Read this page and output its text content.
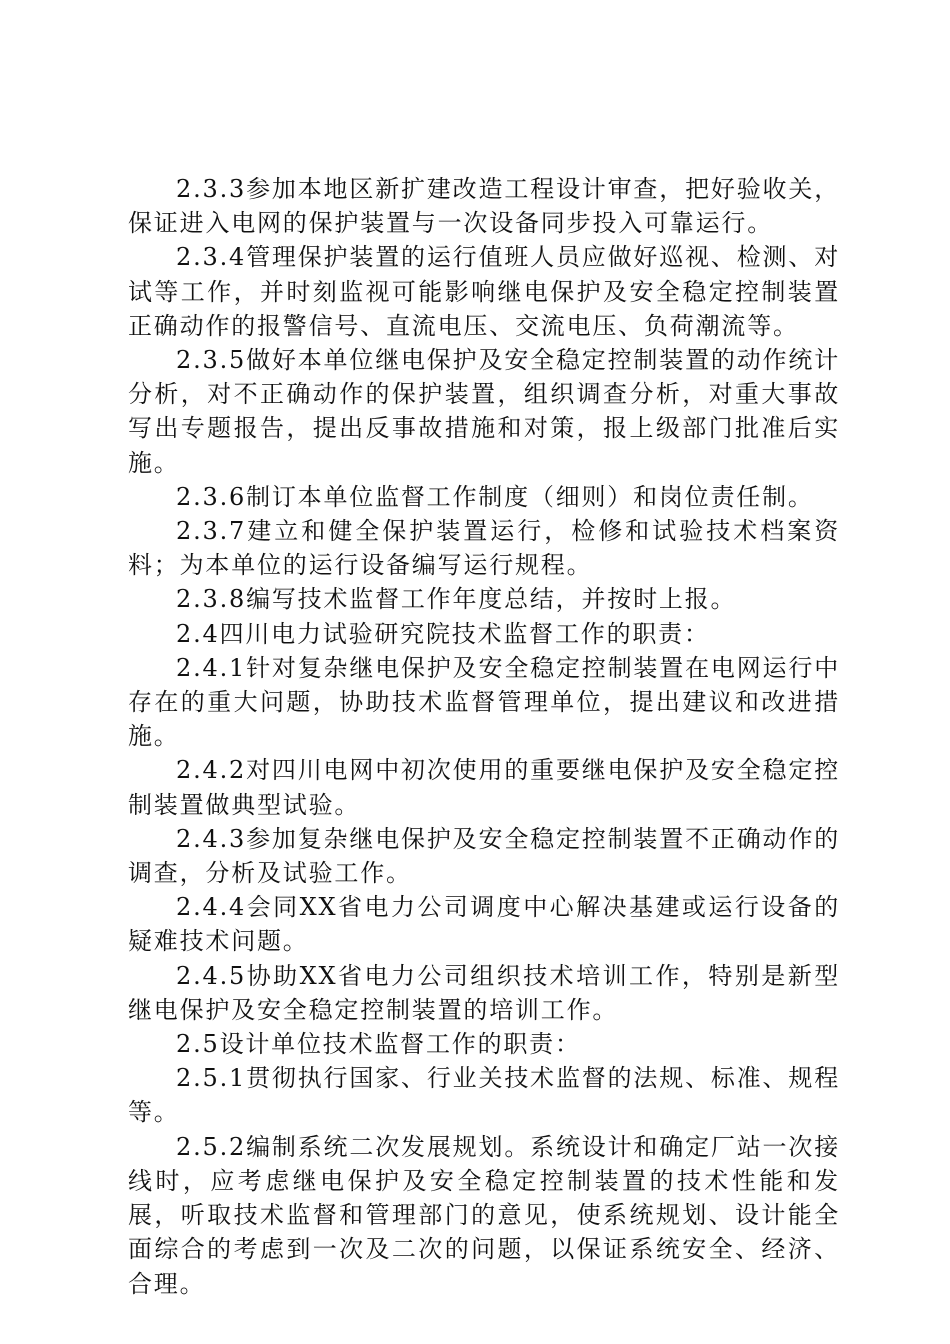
2.3.3参加本地区新扩建改造工程设计审查，把好验收关，保证进入电网的保护装置与一次设备同步投入可靠运行。

2.3.4管理保护装置的运行值班人员应做好巡视、检测、对试等工作，并时刻监视可能影响继电保护及安全稳定控制装置正确动作的报警信号、直流电压、交流电压、负荷潮流等。

2.3.5做好本单位继电保护及安全稳定控制装置的动作统计分析，对不正确动作的保护装置，组织调查分析，对重大事故写出专题报告，提出反事故措施和对策，报上级部门批准后实施。

2.3.6制订本单位监督工作制度（细则）和岗位责任制。

2.3.7建立和健全保护装置运行，检修和试验技术档案资料；为本单位的运行设备编写运行规程。

2.3.8编写技术监督工作年度总结，并按时上报。

2.4四川电力试验研究院技术监督工作的职责：

2.4.1针对复杂继电保护及安全稳定控制装置在电网运行中存在的重大问题，协助技术监督管理单位，提出建议和改进措施。

2.4.2对四川电网中初次使用的重要继电保护及安全稳定控制装置做典型试验。

2.4.3参加复杂继电保护及安全稳定控制装置不正确动作的调查，分析及试验工作。

2.4.4会同XX省电力公司调度中心解决基建或运行设备的疑难技术问题。

2.4.5协助XX省电力公司组织技术培训工作，特别是新型继电保护及安全稳定控制装置的培训工作。

2.5设计单位技术监督工作的职责：

2.5.1贯彻执行国家、行业关技术监督的法规、标准、规程等。

2.5.2编制系统二次发展规划。系统设计和确定厂站一次接线时，应考虑继电保护及安全稳定控制装置的技术性能和发展，听取技术监督和管理部门的意见，使系统规划、设计能全面综合的考虑到一次及二次的问题，以保证系统安全、经济、合理。
